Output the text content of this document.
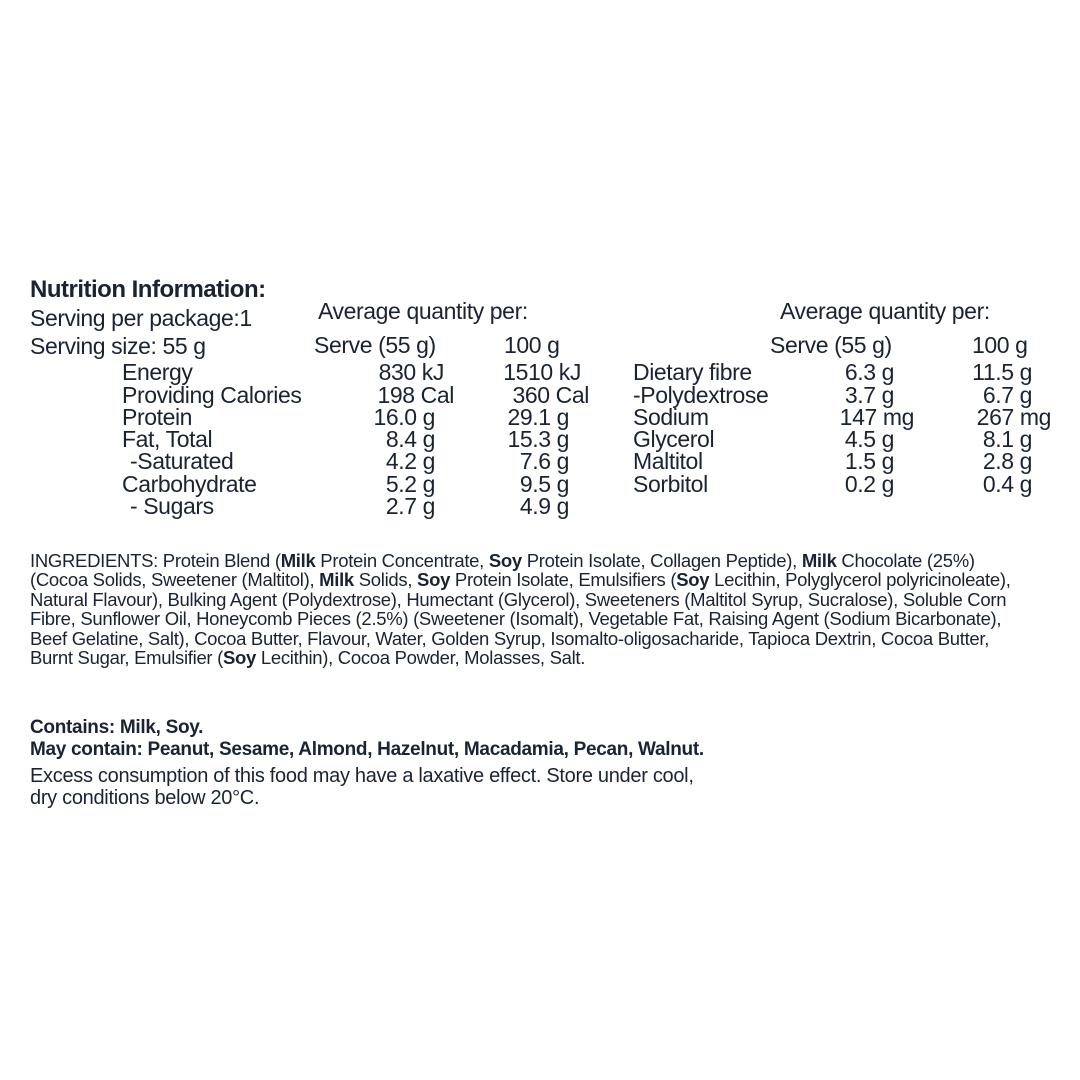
Nutrition Information:
Serving per package:1
Serving size: 55 g
Average quantity per:
Serve (55 g)	100 g
Average quantity per:
Serve (55 g)	100 g
Energy	830 kJ	1510 kJ
Providing Calories	198 Cal	360 Cal
Protein	16.0 g	29.1 g
Fat, Total	8.4 g	15.3 g
-Saturated	4.2 g	7.6 g
Carbohydrate	5.2 g	9.5 g
- Sugars	2.7 g	4.9 g
Dietary fibre	6.3 g	11.5 g
-Polydextrose	3.7 g	6.7 g
Sodium	147 mg	267 mg
Glycerol	4.5 g	8.1 g
Maltitol	1.5 g	2.8 g
Sorbitol	0.2 g	0.4 g
INGREDIENTS: Protein Blend (Milk Protein Concentrate, Soy Protein Isolate, Collagen Peptide), Milk Chocolate (25%) (Cocoa Solids, Sweetener (Maltitol), Milk Solids, Soy Protein Isolate, Emulsifiers (Soy Lecithin, Polyglycerol polyricinoleate), Natural Flavour), Bulking Agent (Polydextrose), Humectant (Glycerol), Sweeteners (Maltitol Syrup, Sucralose), Soluble Corn Fibre, Sunflower Oil, Honeycomb Pieces (2.5%) (Sweetener (Isomalt), Vegetable Fat, Raising Agent (Sodium Bicarbonate), Beef Gelatine, Salt), Cocoa Butter, Flavour, Water, Golden Syrup, Isomalto-oligosacharide, Tapioca Dextrin, Cocoa Butter, Burnt Sugar, Emulsifier (Soy Lecithin), Cocoa Powder, Molasses, Salt.
Contains: Milk, Soy.
May contain: Peanut, Sesame, Almond, Hazelnut, Macadamia, Pecan, Walnut.
Excess consumption of this food may have a laxative effect. Store under cool, dry conditions below 20°C.
